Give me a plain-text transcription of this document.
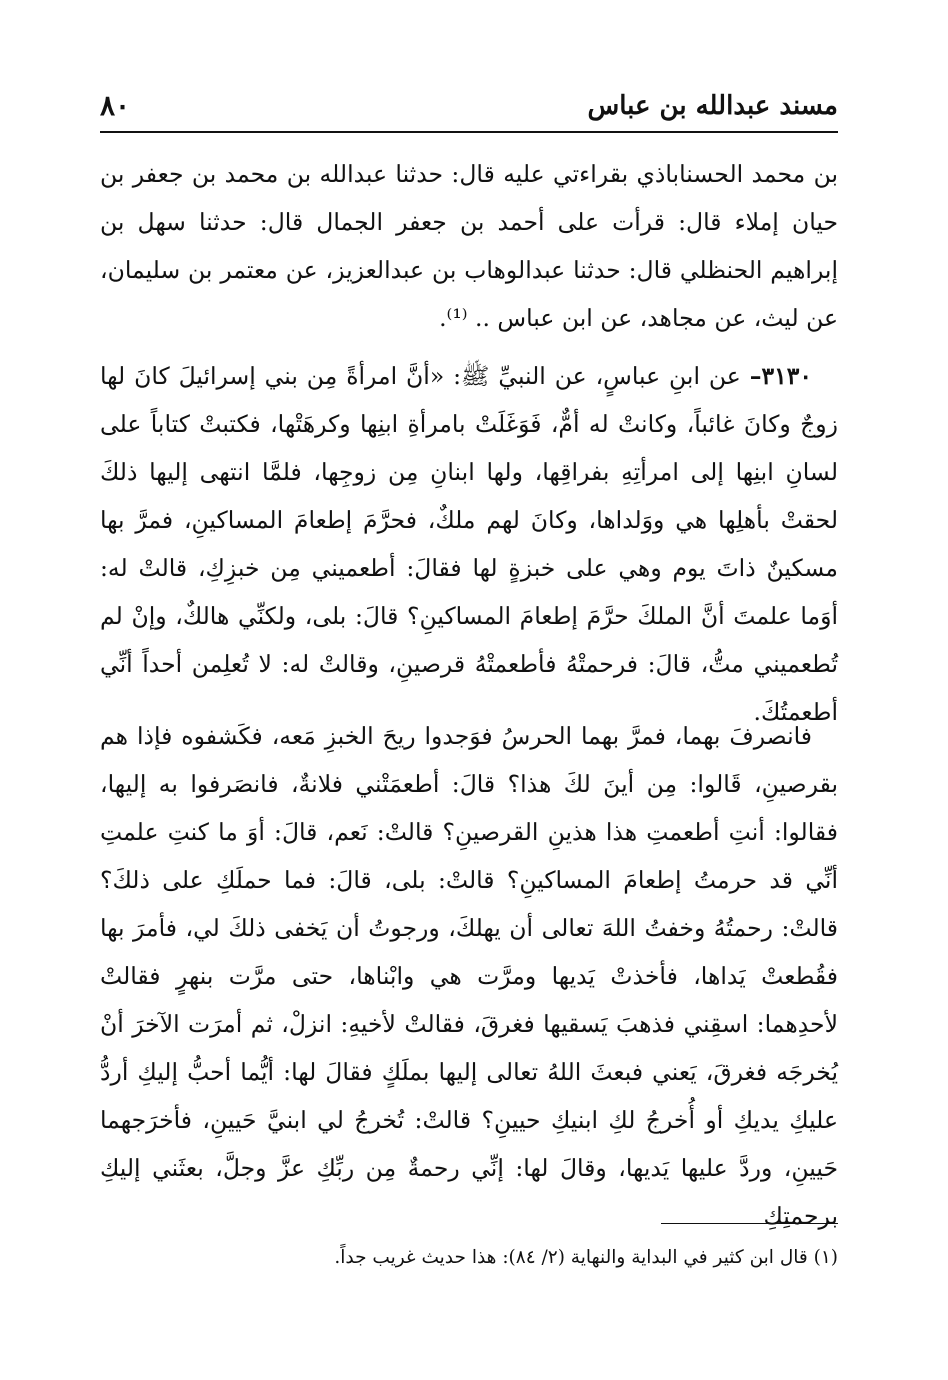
٨٠	مسند عبدالله بن عباس

بن محمد الحسناباذي بقراءتي عليه قال: حدثنا عبدالله بن محمد بن جعفر بن حيان إملاء قال: قرأت على أحمد بن جعفر الجمال قال: حدثنا سهل بن إبراهيم الحنظلي قال: حدثنا عبدالوهاب بن عبدالعزيز، عن معتمر بن سليمان، عن ليث، عن مجاهد، عن ابن عباس .. ⁽¹⁾.

٣١٣٠– عن ابنِ عباسٍ، عن النبيِّ ﷺ: «أنَّ امرأةً مِن بني إسرائيلَ كانَ لها زوجٌ وكانَ غائباً، وكانتْ له أمٌّ، فَوَغَلَتْ بامرأةِ ابنِها وكرهَتْها، فكتبتْ كتاباً على لسانِ ابنِها إلى امرأتِهِ بفراقِها، ولها ابنانِ مِن زوجِها، فلمَّا انتهى إليها ذلكَ لحقتْ بأهلِها هي ووَلداها، وكانَ لهم ملكٌ، فحرَّمَ إطعامَ المساكينِ، فمرَّ بها مسكينٌ ذاتَ يوم وهي على خبزةٍ لها فقالَ: أطعميني مِن خبزِكِ، قالتْ له: أوَما علمتَ أنَّ الملكَ حرَّمَ إطعامَ المساكينِ؟ قالَ: بلى، ولكنِّي هالكٌ، وإنْ لم تُطعميني متُّ، قالَ: فرحمتْهُ فأطعمتْهُ قرصينِ، وقالتْ له: لا تُعلِمن أحداً أنِّي أطعمتُكَ.

فانصرفَ بهما، فمرَّ بهما الحرسُ فوَجدوا ريحَ الخبزِ مَعه، فكَشفوه فإذا هم بقرصينِ، قَالوا: مِن أينَ لكَ هذا؟ قالَ: أطعمَتْني فلانةٌ، فانصَرفوا به إليها، فقالوا: أنتِ أطعمتِ هذا هذينِ القرصينِ؟ قالتْ: نَعم، قالَ: أوَ ما كنتِ علمتِ أنِّي قد حرمتُ إطعامَ المساكينِ؟ قالتْ: بلى، قالَ: فما حملَكِ على ذلكَ؟ قالتْ: رحمتُهُ وخفتُ اللهَ تعالى أن يهلكَ، ورجوتُ أن يَخفى ذلكَ لي، فأمرَ بها فقُطعتْ يَداها، فأخذتْ يَديها ومرَّت هي وابْناها، حتى مرَّت بنهرٍ فقالتْ لأحدِهما: اسقِني فذهبَ يَسقيها فغرقَ، فقالتْ لأخيهِ: انزلْ، ثم أمرَت الآخرَ أنْ يُخرجَه فغرقَ، يَعني فبعثَ اللهُ تعالى إليها بملَكٍ فقالَ لها: أيُّما أحبُّ إليكِ أردُّ عليكِ يديكِ أو أُخرجُ لكِ ابنيكِ حيينِ؟ قالتْ: تُخرجُ لي ابنيَّ حَيينِ، فأخرَجهما حَيينِ، وردَّ عليها يَديها، وقالَ لها: إنِّي رحمةٌ مِن ربِّكِ عزَّ وجلَّ، بعثَني إليكِ برحمتِكِ

(١) قال ابن كثير في البداية والنهاية (٢/ ٨٤): هذا حديث غريب جداً.
